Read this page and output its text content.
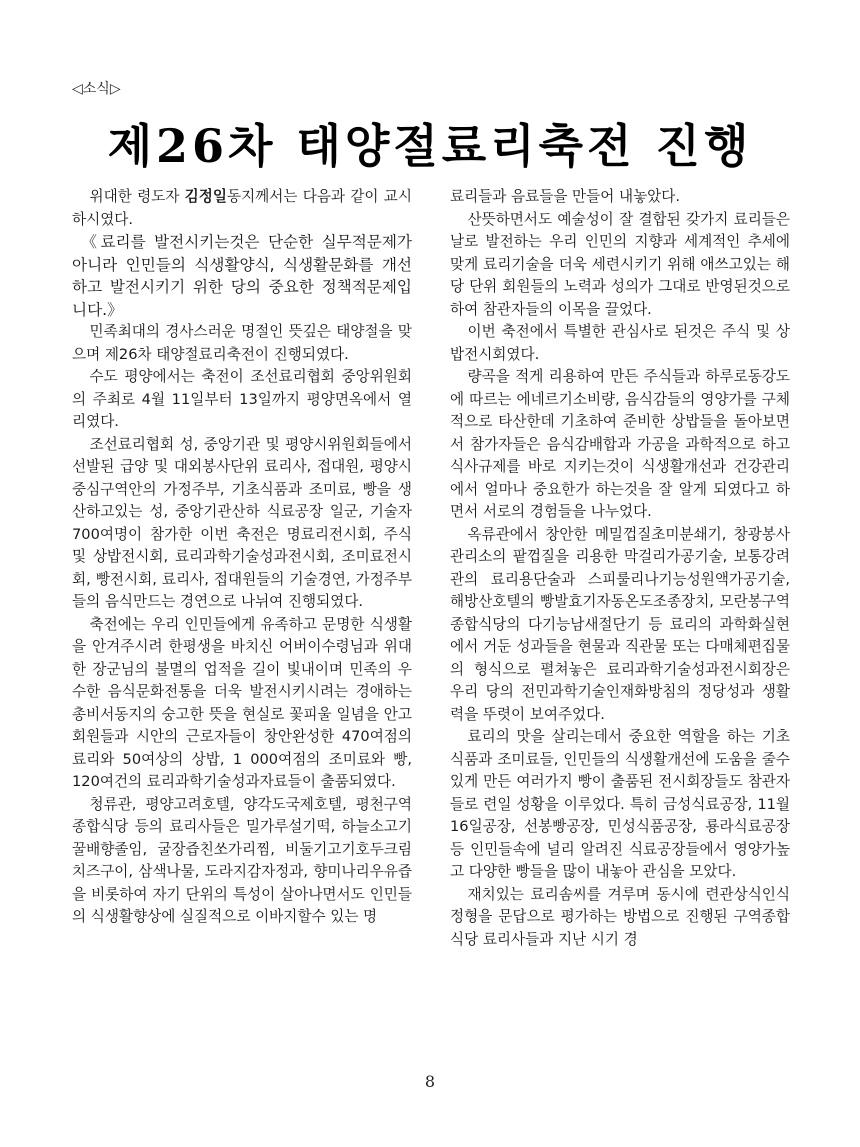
◁소식▷
제26차 태양절료리축전 진행

위대한 령도자 김정일동지께서는 다음과 같이 교시하시였다.

《료리를 발전시키는것은 단순한 실무적문제가 아니라 인민들의 식생활양식, 식생활문화를 개선하고 발전시키기 위한 당의 중요한 정책적문제입니다.》

민족최대의 경사스러운 명절인 뜻깊은 태양절을 맞으며 제26차 태양절료리축전이 진행되였다.

수도 평양에서는 축전이 조선료리협회 중앙위원회의 주최로 4월 11일부터 13일까지 평양면옥에서 열리였다.

조선료리협회 성, 중앙기관 및 평양시위원회들에서 선발된 급양 및 대외봉사단위 료리사, 접대원, 평양시 중심구역안의 가정주부, 기초식품과 조미료, 빵을 생산하고있는 성, 중앙기관산하 식료공장 일군, 기술자 700여명이 참가한 이번 축전은 명료리전시회, 주식 및 상밥전시회, 료리과학기술성과전시회, 조미료전시회, 빵전시회, 료리사, 접대원들의 기술경연, 가정주부들의 음식만드는 경연으로 나뉘여 진행되였다.

축전에는 우리 인민들에게 유족하고 문명한 식생활을 안겨주시려 한평생을 바치신 어버이수령님과 위대한 장군님의 불멸의 업적을 길이 빛내이며 민족의 우수한 음식문화전통을 더욱 발전시키시려는 경애하는 총비서동지의 숭고한 뜻을 현실로 꽃피울 일념을 안고 회원들과 시안의 근로자들이 창안완성한 470여점의 료리와 50여상의 상밥, 1 000여점의 조미료와 빵, 120여건의 료리과학기술성과자료들이 출품되였다.

청류관, 평양고려호텔, 양각도국제호텔, 평천구역종합식당 등의 료리사들은 밀가루설기떡, 하늘소고기꿀배향졸임, 굴장즙친쏘가리찜, 비둘기고기호두크림치즈구이, 삼색나물, 도라지감자정과, 향미나리우유즙을 비롯하여 자기 단위의 특성이 살아나면서도 인민들의 식생활향상에 실질적으로 이바지할수 있는 명

료리들과 음료들을 만들어 내놓았다.

산뜻하면서도 예술성이 잘 결합된 갖가지 료리들은 날로 발전하는 우리 인민의 지향과 세계적인 추세에 맞게 료리기술을 더욱 세련시키기 위해 애쓰고있는 해당 단위 회원들의 노력과 성의가 그대로 반영된것으로 하여 참관자들의 이목을 끌었다.

이번 축전에서 특별한 관심사로 된것은 주식 및 상밥전시회였다.

량곡을 적게 리용하여 만든 주식들과 하루로동강도에 따르는 에네르기소비량, 음식감들의 영양가를 구체적으로 타산한데 기초하여 준비한 상밥들을 돌아보면서 참가자들은 음식감배합과 가공을 과학적으로 하고 식사규제를 바로 지키는것이 식생활개선과 건강관리에서 얼마나 중요한가 하는것을 잘 알게 되였다고 하면서 서로의 경험들을 나누었다.

옥류관에서 창안한 메밀껍질초미분쇄기, 창광봉사관리소의 팥껍질을 리용한 막걸리가공기술, 보통강려관의 료리용단술과 스피룰리나기능성원액가공기술, 해방산호텔의 빵발효기자동온도조종장치, 모란봉구역종합식당의 다기능남새절단기 등 료리의 과학화실현에서 거둔 성과들을 현물과 직관물 또는 다매체편집물의 형식으로 펼쳐놓은 료리과학기술성과전시회장은 우리 당의 전민과학기술인재화방침의 정당성과 생활력을 뚜렷이 보여주었다.

료리의 맛을 살리는데서 중요한 역할을 하는 기초식품과 조미료들, 인민들의 식생활개선에 도움을 줄수 있게 만든 여러가지 빵이 출품된 전시회장들도 참관자들로 련일 성황을 이루었다. 특히 금성식료공장, 11월16일공장, 선봉빵공장, 민성식품공장, 룡라식료공장 등 인민들속에 널리 알려진 식료공장들에서 영양가높고 다양한 빵들을 많이 내놓아 관심을 모았다.

재치있는 료리솜씨를 겨루며 동시에 련관상식인식정형을 문답으로 평가하는 방법으로 진행된 구역종합식당 료리사들과 지난 시기 경

8
